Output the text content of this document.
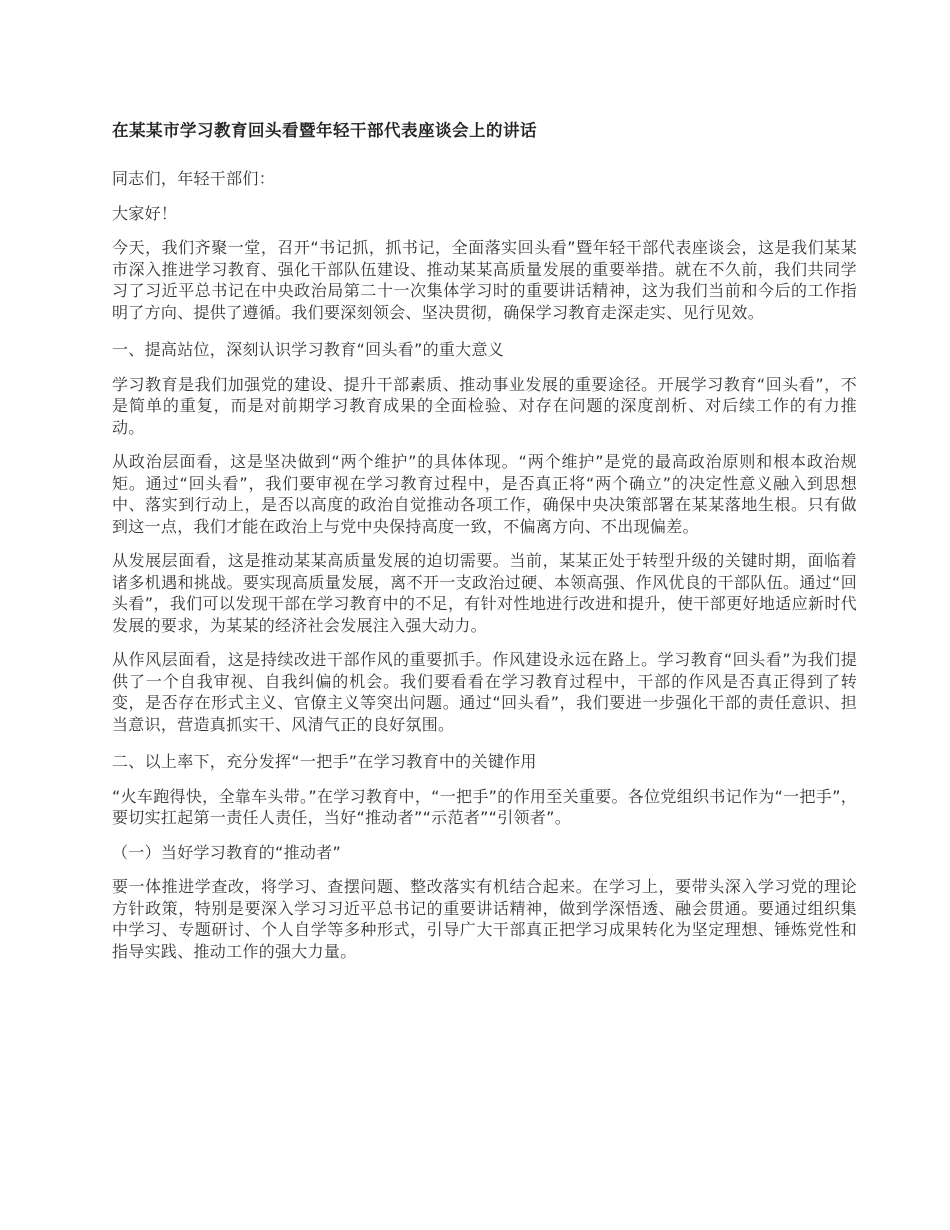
在某某市学习教育回头看暨年轻干部代表座谈会上的讲话

同志们，年轻干部们：

大家好！

今天，我们齐聚一堂，召开“书记抓，抓书记，全面落实回头看”暨年轻干部代表座谈会，这是我们某某市深入推进学习教育、强化干部队伍建设、推动某某高质量发展的重要举措。就在不久前，我们共同学习了习近平总书记在中央政治局第二十一次集体学习时的重要讲话精神，这为我们当前和今后的工作指明了方向、提供了遵循。我们要深刻领会、坚决贯彻，确保学习教育走深走实、见行见效。

一、提高站位，深刻认识学习教育“回头看”的重大意义

学习教育是我们加强党的建设、提升干部素质、推动事业发展的重要途径。开展学习教育“回头看”，不是简单的重复，而是对前期学习教育成果的全面检验、对存在问题的深度剖析、对后续工作的有力推动。

从政治层面看，这是坚决做到“两个维护”的具体体现。“两个维护”是党的最高政治原则和根本政治规矩。通过“回头看”，我们要审视在学习教育过程中，是否真正将“两个确立”的决定性意义融入到思想中、落实到行动上，是否以高度的政治自觉推动各项工作，确保中央决策部署在某某落地生根。只有做到这一点，我们才能在政治上与党中央保持高度一致，不偏离方向、不出现偏差。

从发展层面看，这是推动某某高质量发展的迫切需要。当前，某某正处于转型升级的关键时期，面临着诸多机遇和挑战。要实现高质量发展，离不开一支政治过硬、本领高强、作风优良的干部队伍。通过“回头看”，我们可以发现干部在学习教育中的不足，有针对性地进行改进和提升，使干部更好地适应新时代发展的要求，为某某的经济社会发展注入强大动力。

从作风层面看，这是持续改进干部作风的重要抓手。作风建设永远在路上。学习教育“回头看”为我们提供了一个自我审视、自我纠偏的机会。我们要看看在学习教育过程中，干部的作风是否真正得到了转变，是否存在形式主义、官僚主义等突出问题。通过“回头看”，我们要进一步强化干部的责任意识、担当意识，营造真抓实干、风清气正的良好氛围。

二、以上率下，充分发挥“一把手”在学习教育中的关键作用

“火车跑得快，全靠车头带。”在学习教育中，“一把手”的作用至关重要。各位党组织书记作为“一把手”，要切实扛起第一责任人责任，当好“推动者”“示范者”“引领者”。

（一）当好学习教育的“推动者”

要一体推进学查改，将学习、查摆问题、整改落实有机结合起来。在学习上，要带头深入学习党的理论方针政策，特别是要深入学习习近平总书记的重要讲话精神，做到学深悟透、融会贯通。要通过组织集中学习、专题研讨、个人自学等多种形式，引导广大干部真正把学习成果转化为坚定理想、锤炼党性和指导实践、推动工作的强大力量。
